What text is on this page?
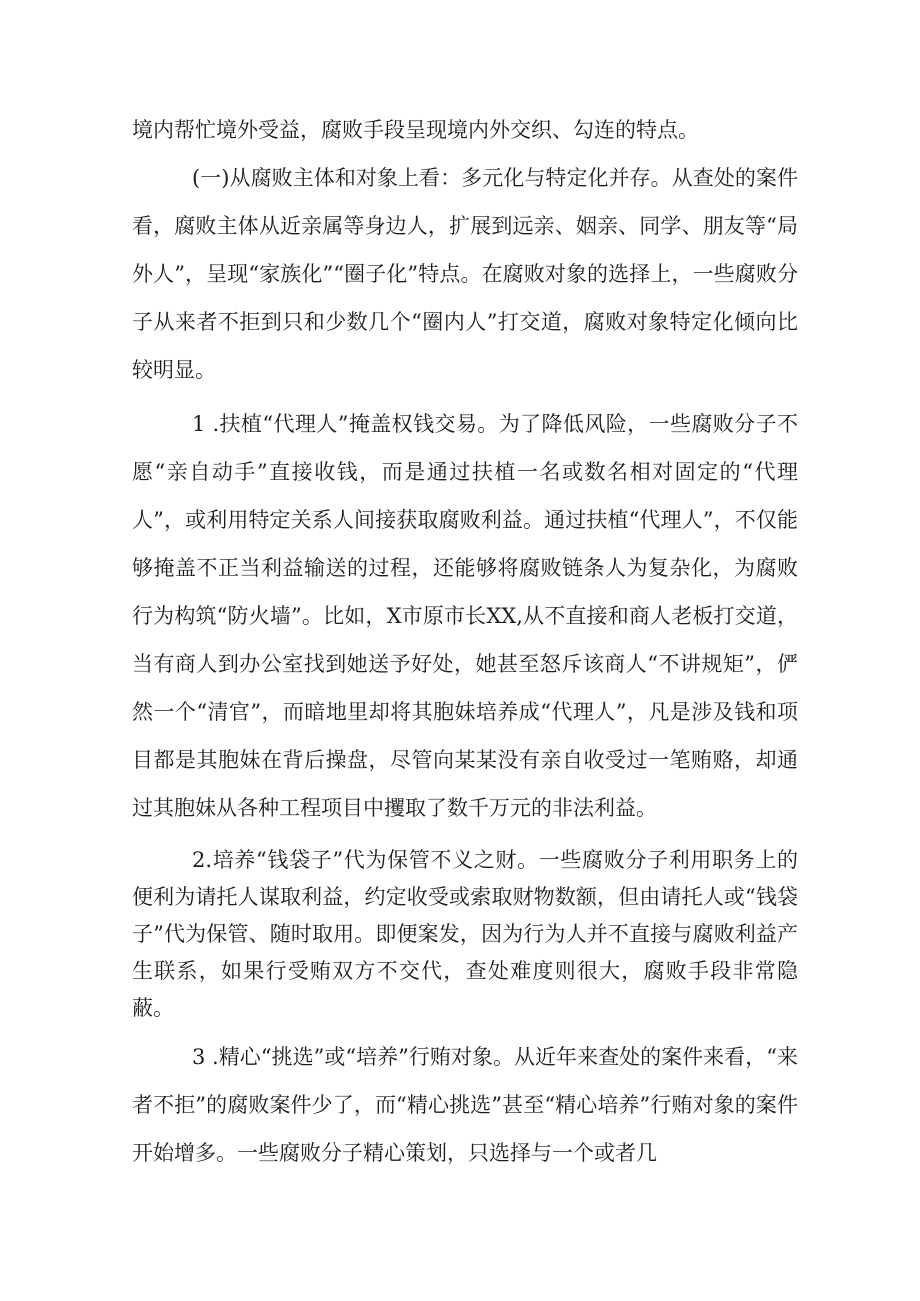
境内帮忙境外受益，腐败手段呈现境内外交织、勾连的特点。

(一)从腐败主体和对象上看：多元化与特定化并存。从查处的案件看，腐败主体从近亲属等身边人，扩展到远亲、姻亲、同学、朋友等“局外人”，呈现“家族化”“圈子化”特点。在腐败对象的选择上，一些腐败分子从来者不拒到只和少数几个“圈内人”打交道，腐败对象特定化倾向比较明显。

1 .扶植“代理人”掩盖权钱交易。为了降低风险，一些腐败分子不愿“亲自动手”直接收钱，而是通过扶植一名或数名相对固定的“代理人”，或利用特定关系人间接获取腐败利益。通过扶植“代理人”，不仅能够掩盖不正当利益输送的过程，还能够将腐败链条人为复杂化，为腐败行为构筑“防火墙”。比如，X市原市长XX,从不直接和商人老板打交道，当有商人到办公室找到她送予好处，她甚至怒斥该商人“不讲规矩”，俨然一个“清官”，而暗地里却将其胞妹培养成“代理人”，凡是涉及钱和项目都是其胞妹在背后操盘，尽管向某某没有亲自收受过一笔贿赂，却通过其胞妹从各种工程项目中攫取了数千万元的非法利益。

2.培养“钱袋子”代为保管不义之财。一些腐败分子利用职务上的便利为请托人谋取利益，约定收受或索取财物数额，但由请托人或“钱袋子”代为保管、随时取用。即便案发，因为行为人并不直接与腐败利益产生联系，如果行受贿双方不交代，查处难度则很大，腐败手段非常隐蔽。

3 .精心“挑选”或“培养”行贿对象。从近年来查处的案件来看，“来者不拒”的腐败案件少了，而“精心挑选”甚至“精心培养”行贿对象的案件开始增多。一些腐败分子精心策划，只选择与一个或者几
